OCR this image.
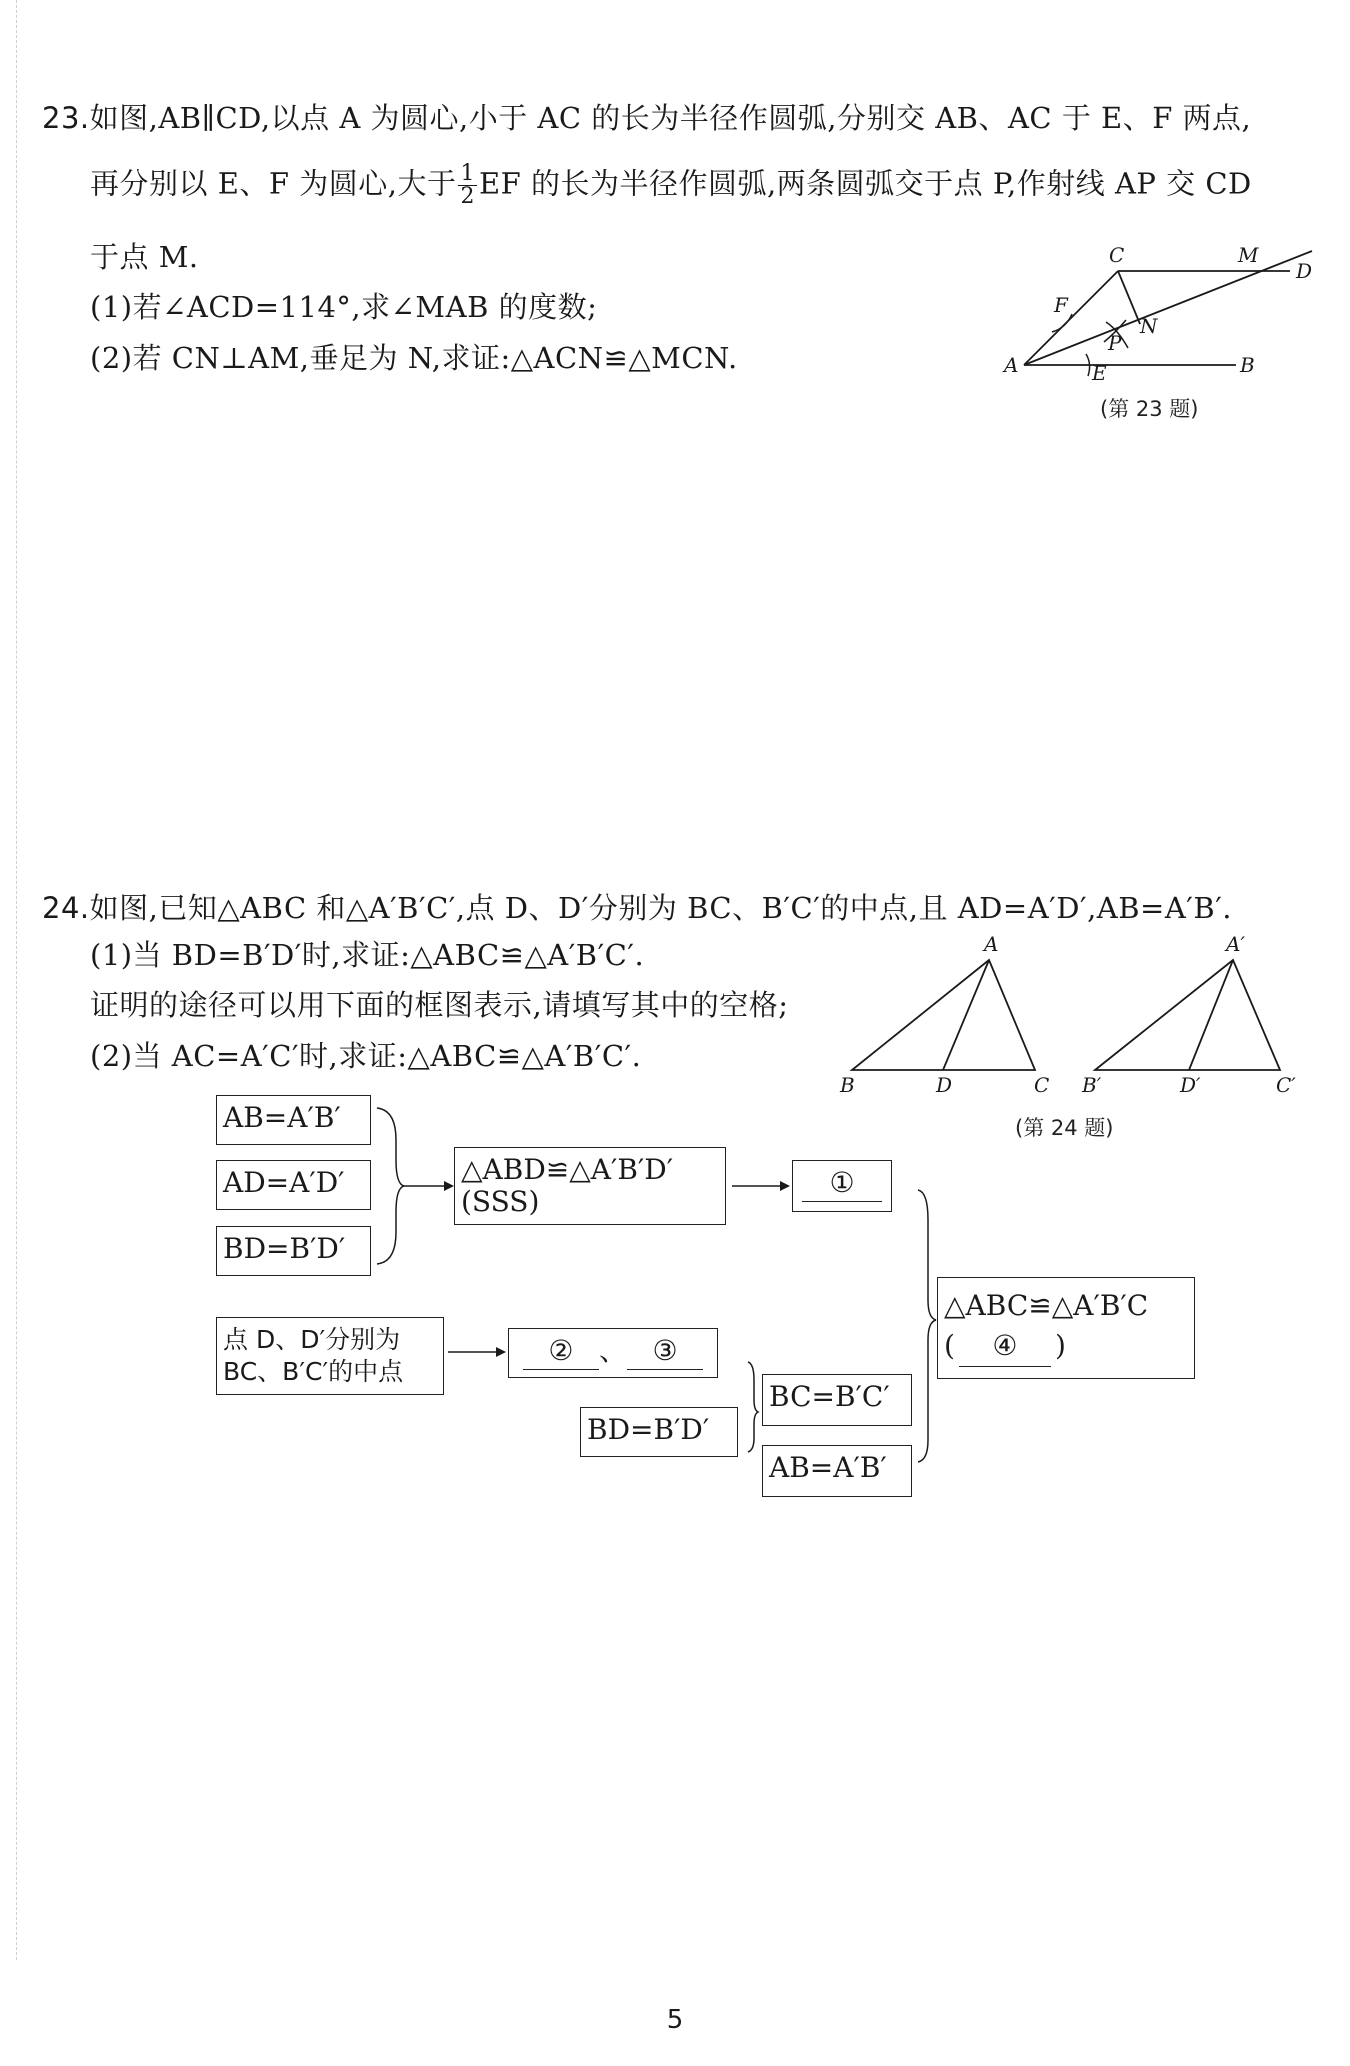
23.如图,AB∥CD,以点 A 为圆心,小于 AC 的长为半径作圆弧,分别交 AB、AC 于 E、F 两点,
再分别以 E、F 为圆心,大于 $\frac{1}{2}$ EF 的长为半径作圆弧,两条圆弧交于点 P,作射线 AP 交 CD
于点 M.
(1)若∠ACD=114°,求∠MAB 的度数;
(2)若 CN⊥AM,垂足为 N,求证:△ACN≌△MCN.
C	M
D
F
N
P
A	E	B
(第 23 题)
24.如图,已知△ABC 和△A′B′C′,点 D、D′分别为 BC、B′C′的中点,且 AD=A′D′,AB=A′B′.
(1)当 BD=B′D′时,求证:△ABC≌△A′B′C′.
证明的途径可以用下面的框图表示,请填写其中的空格;
(2)当 AC=A′C′时,求证:△ABC≌△A′B′C′.
A
B	D	C
A′
B′	D′	C′
(第 24 题)
AB=A′B′
AD=A′D′
BD=B′D′
△ABD≌△A′B′D′
(SSS)
①
点 D、D′分别为
BC、B′C′的中点
② 、 ③
BD=B′D′
BC=B′C′
AB=A′B′
△ABC≌△A′B′C
( ④ )
5
